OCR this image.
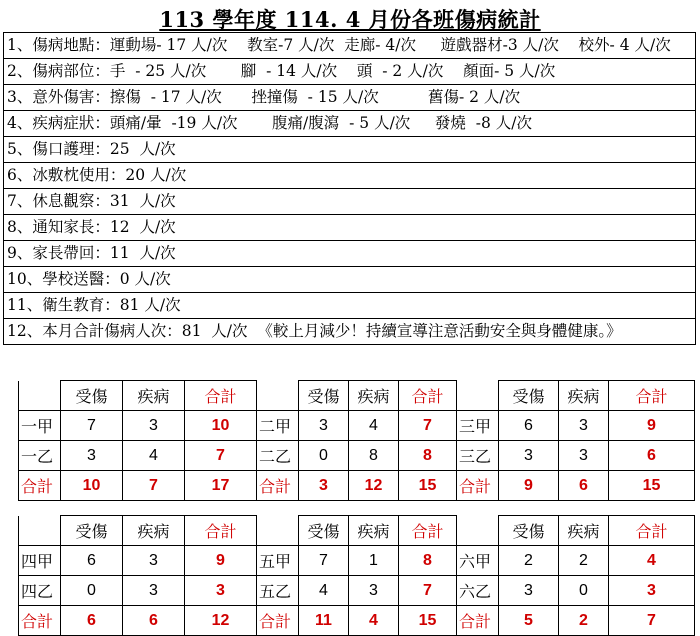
113 學年度 114. 4 月份各班傷病統計
1、傷病地點：運動場- 17 人/次    教室-7 人/次  走廊- 4/次     遊戲器材-3 人/次    校外- 4 人/次
2、傷病部位：手  - 25 人/次       腳  - 14 人/次    頭  - 2 人/次    顏面- 5 人/次
3、意外傷害：擦傷  - 17 人/次      挫撞傷  - 15 人/次          舊傷- 2 人/次
4、疾病症狀：頭痛/暈  -19 人/次       腹痛/腹瀉  - 5 人/次     發燒  -8 人/次
5、傷口護理：25  人/次
6、冰敷枕使用：20 人/次
7、休息觀察：31  人/次
8、通知家長：12  人/次
9、家長帶回：11  人/次
10、學校送醫：0 人/次
11、衛生教育：81 人/次
12、本月合計傷病人次：81  人/次  《較上月減少！持續宣導注意活動安全與身體健康。》
	受傷	疾病	合計		受傷	疾病	合計		受傷	疾病	合計
一甲	7	3	10	二甲	3	4	7	三甲	6	3	9
一乙	3	4	7	二乙	0	8	8	三乙	3	3	6
合計	10	7	17	合計	3	12	15	合計	9	6	15
	受傷	疾病	合計		受傷	疾病	合計		受傷	疾病	合計
四甲	6	3	9	五甲	7	1	8	六甲	2	2	4
四乙	0	3	3	五乙	4	3	7	六乙	3	0	3
合計	6	6	12	合計	11	4	15	合計	5	2	7
